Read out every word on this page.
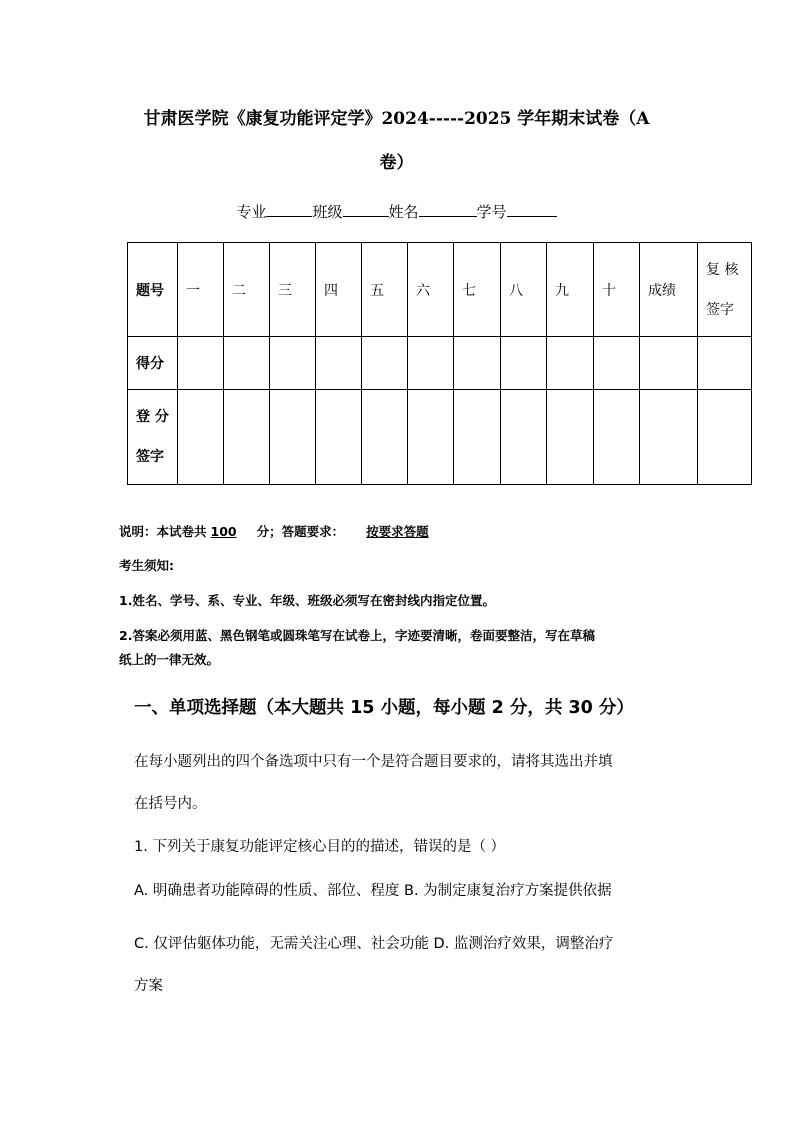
甘肃医学院《康复功能评定学》2024-----2025 学年期末试卷（A
卷）
专业	班级	姓名	学号
题号	一	二	三	四	五	六	七	八	九	十	成绩	复 核
签字

得分												

登 分
签字												

说明：本试卷共 100 分；答题要求： 按要求答题
考生须知:
1.姓名、学号、系、专业、年级、班级必须写在密封线内指定位置。
2.答案必须用蓝、黑色钢笔或圆珠笔写在试卷上，字迹要清晰，卷面要整洁，写在草稿
纸上的一律无效。
一、单项选择题（本大题共 15 小题，每小题 2 分，共 30 分）
在每小题列出的四个备选项中只有一个是符合题目要求的，请将其选出并填
在括号内。
1. 下列关于康复功能评定核心目的的描述，错误的是（ ）
A. 明确患者功能障碍的性质、部位、程度 B. 为制定康复治疗方案提供依据
C. 仅评估躯体功能，无需关注心理、社会功能 D. 监测治疗效果，调整治疗
方案
